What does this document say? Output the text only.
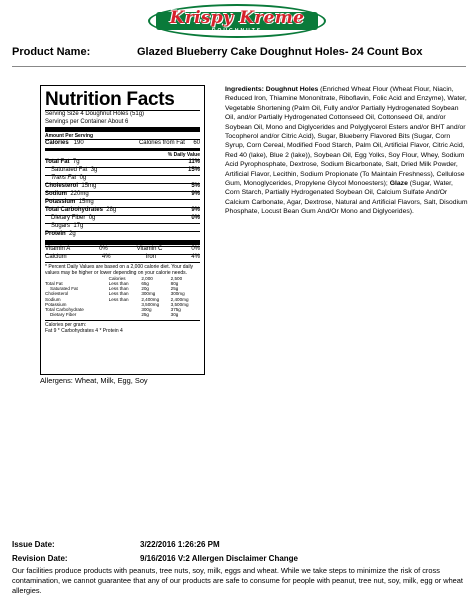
Krispy Kreme
DOUGHNUTS
Product Name:	Glazed Blueberry Cake Doughnut Holes- 24 Count Box
Nutrition Facts
Serving Size 4 Doughnut Holes (51g)
Servings per Container About 6
Amount Per Serving
Calories 190	Calories from Fat 60
% Daily Value
Total Fat 7g	11%
Saturated Fat 3g	15%
Trans Fat 0g
Cholesterol 15mg	5%
Sodium 220mg	9%
Potassium 15mg
Total Carbohydrates 28g	9%
Dietary Fiber 0g	0%
Sugars 17g
Protein 2g
Vitamin A	0%	Vitamin C	0%
Calcium	4%	Iron	4%
* Percent Daily Values are based on a 2,000 calorie diet. Your daily values may be higher or lower depending on your calorie needs.
	Calories	2,000	2,500
Total Fat	Less than	65g	80g
Saturated Fat	Less than	20g	25g
Cholesterol	Less than	300mg	300mg
Sodium	Less than	2,400mg	2,400mg
Potassium		3,500mg	3,500mg
Total Carbohydrate		300g	375g
Dietary Fiber		25g	30g
Calories per gram:
Fat 9 * Carbohydrates 4 * Protein 4
Ingredients: Doughnut Holes (Enriched Wheat Flour (Wheat Flour, Niacin, Reduced Iron, Thiamine Mononitrate, Riboflavin, Folic Acid and Enzyme), Water, Vegetable Shortening (Palm Oil, Fully and/or Partially Hydrogenated Soybean Oil, and/or Partially Hydrogenated Cottonseed Oil, Cottonseed Oil, and/or Soybean Oil, Mono and Diglycerides and Polyglycerol Esters and/or BHT and/or Tocopherol and/or Citric Acid), Sugar, Blueberry Flavored Bits (Sugar, Corn Syrup, Corn Cereal, Modified Food Starch, Palm Oil, Artificial Flavor, Citric Acid, Red 40 (lake), Blue 2 (lake)), Soybean Oil, Egg Yolks, Soy Flour, Whey, Sodium Acid Pyrophosphate, Dextrose, Sodium Bicarbonate, Salt, Dried Milk Powder, Artificial Flavor, Lecithin, Sodium Propionate (To Maintain Freshness), Cellulose Gum, Monoglycerides, Propylene Glycol Monoesters); Glaze (Sugar, Water, Corn Starch, Partially Hydrogenated Soybean Oil, Calcium Sulfate And/Or Calcium Carbonate, Agar, Dextrose, Natural and Artificial Flavors, Salt, Disodium Phosphate, Locust Bean Gum And/Or Mono and Diglycerides).
Allergens: Wheat, Milk, Egg, Soy
Issue Date:	3/22/2016 1:26:26 PM
Revision Date:	9/16/2016 V:2 Allergen Disclaimer Change
Our facilities produce products with peanuts, tree nuts, soy, milk, eggs and wheat. While we take steps to minimize the risk of cross contamination, we cannot guarantee that any of our products are safe to consume for people with peanut, tree nut, soy, milk, egg or wheat allergies.
